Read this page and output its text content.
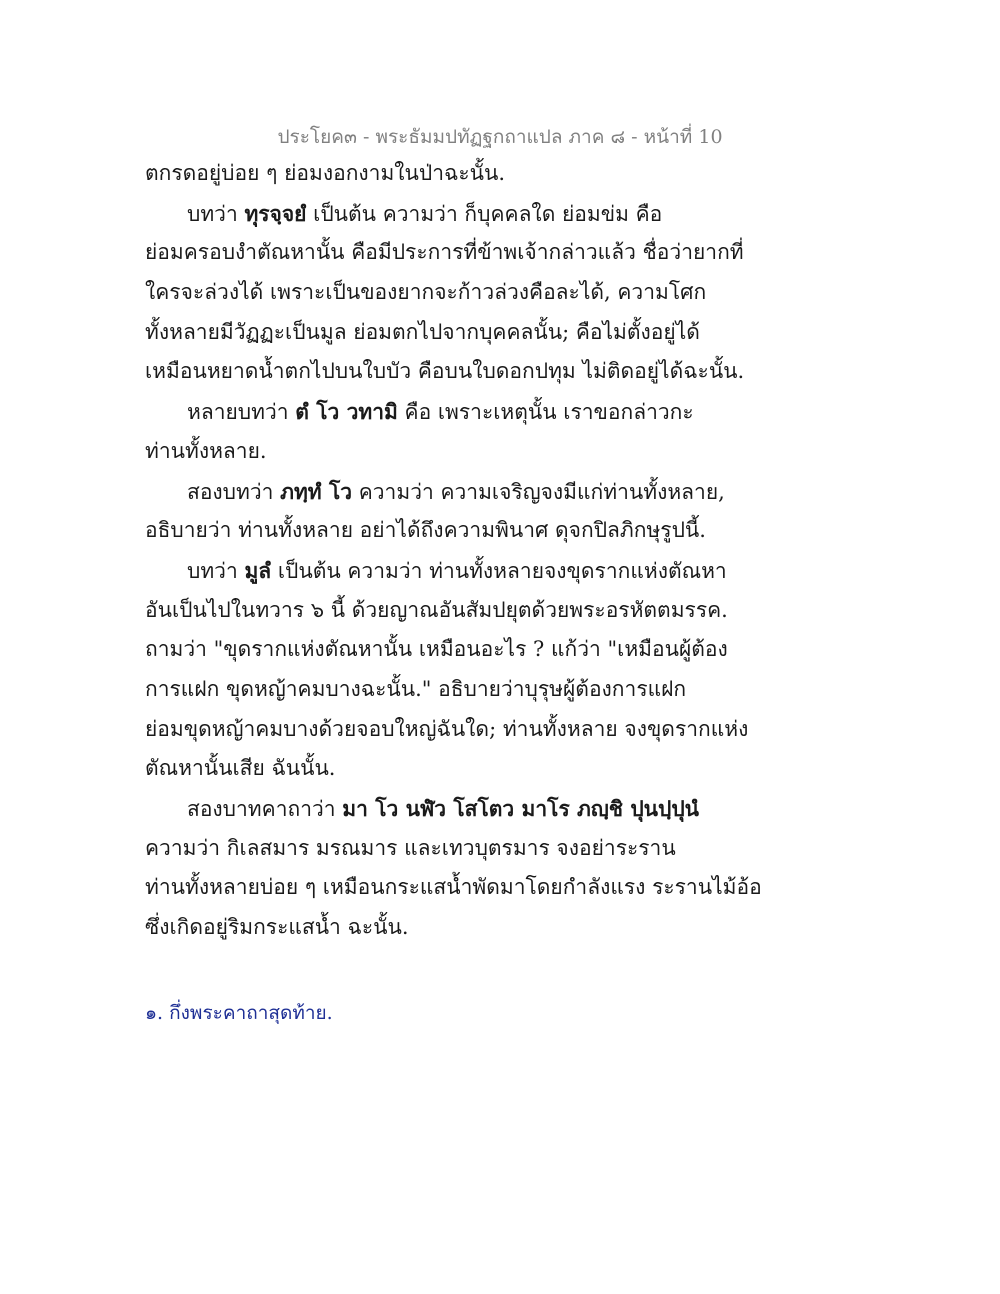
ประโยค๓ - พระธัมมปทัฏฐกถาแปล ภาค ๘ - หน้าที่ 10
ตกรดอยู่บ่อย ๆ ย่อมงอกงามในป่าฉะนั้น.
บทว่า ทุรจฺจยํ เป็นต้น ความว่า ก็บุคคลใด ย่อมข่ม คือ
ย่อมครอบงำตัณหานั้น คือมีประการที่ข้าพเจ้ากล่าวแล้ว ชื่อว่ายากที่
ใครจะล่วงได้ เพราะเป็นของยากจะก้าวล่วงคือละได้, ความโศก
ทั้งหลายมีวัฏฏะเป็นมูล ย่อมตกไปจากบุคคลนั้น; คือไม่ตั้งอยู่ได้
เหมือนหยาดน้ำตกไปบนใบบัว คือบนใบดอกปทุม ไม่ติดอยู่ได้ฉะนั้น.
หลายบทว่า ตํ โว วทามิ คือ เพราะเหตุนั้น เราขอกล่าวกะ
ท่านทั้งหลาย.
สองบทว่า ภทฺทํ โว ความว่า ความเจริญจงมีแก่ท่านทั้งหลาย,
อธิบายว่า ท่านทั้งหลาย อย่าได้ถึงความพินาศ ดุจกปิลภิกษุรูปนี้.
บทว่า มูลํ เป็นต้น ความว่า ท่านทั้งหลายจงขุดรากแห่งตัณหา
อันเป็นไปในทวาร ๖ นี้ ด้วยญาณอันสัมปยุตด้วยพระอรหัตตมรรค.
ถามว่า "ขุดรากแห่งตัณหานั้น เหมือนอะไร ? แก้ว่า "เหมือนผู้ต้อง
การแฝก ขุดหญ้าคมบางฉะนั้น." อธิบายว่าบุรุษผู้ต้องการแฝก
ย่อมขุดหญ้าคมบางด้วยจอบใหญ่ฉันใด; ท่านทั้งหลาย จงขุดรากแห่ง
ตัณหานั้นเสีย ฉันนั้น.
สองบาทคาถาว่า มา โว นฬํว โสโตว มาโร ภญฺชิ ปุนปฺปุนํ
ความว่า กิเลสมาร มรณมาร และเทวบุตรมาร จงอย่าระราน
ท่านทั้งหลายบ่อย ๆ เหมือนกระแสน้ำพัดมาโดยกำลังแรง ระรานไม้อ้อ
ซึ่งเกิดอยู่ริมกระแสน้ำ ฉะนั้น.
๑. กึ่งพระคาถาสุดท้าย.
